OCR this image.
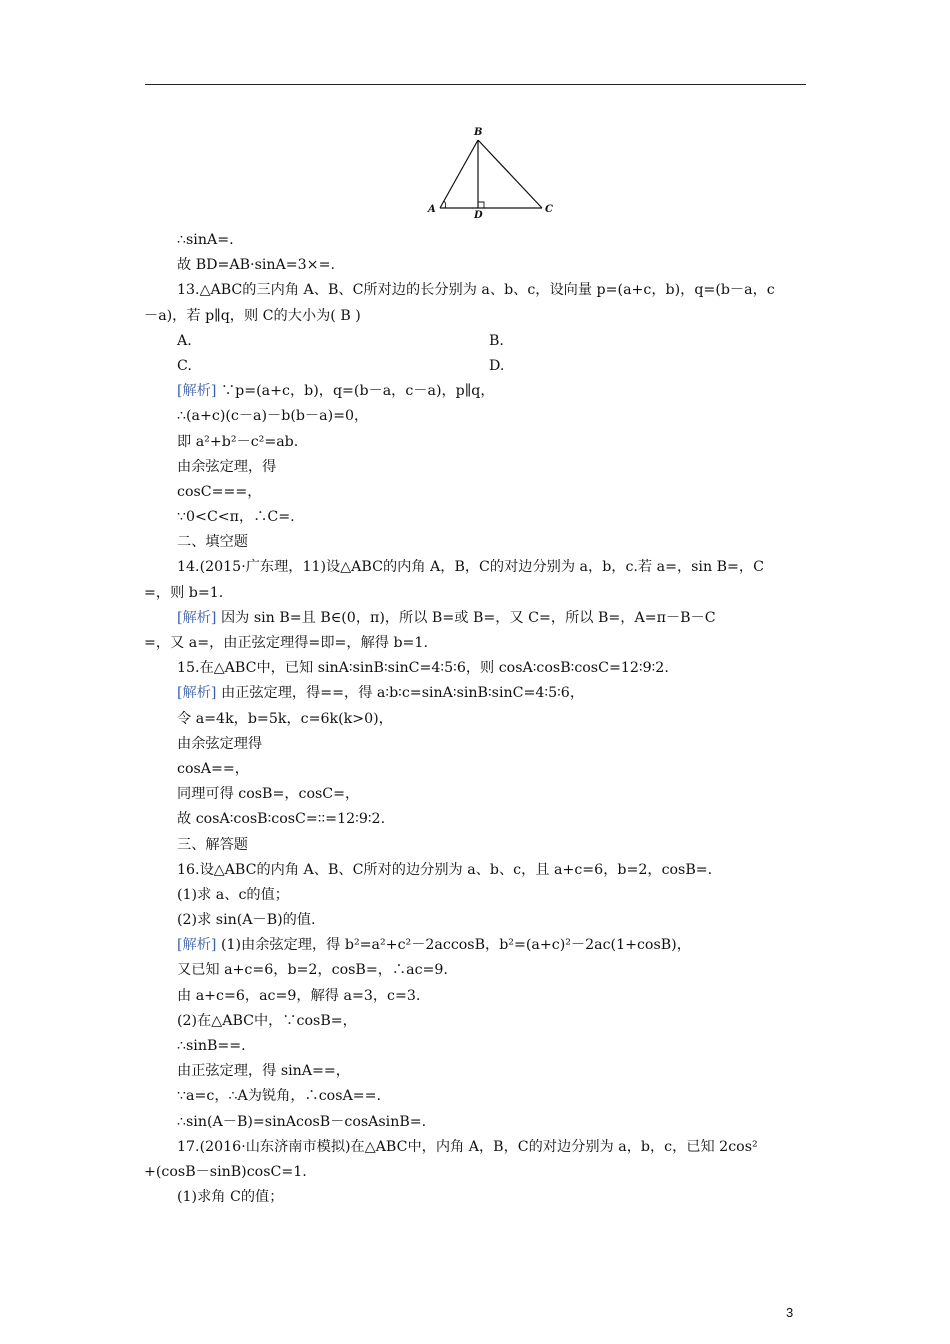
B
A
D
C
∴sinA=.
故 BD=AB·sinA=3×=.
13.△ABC的三内角 A、B、C所对边的长分别为 a、b、c，设向量 p=(a+c，b)，q=(b－a，c
－a)，若 p∥q，则 C的大小为( B )
A.	B.
C.	D.
[解析] ∵p=(a+c，b)，q=(b－a，c－a)，p∥q，
∴(a+c)(c－a)－b(b－a)=0，
即 a²+b²－c²=ab.
由余弦定理，得
cosC===，
∵0<C<π，∴C=.
二、填空题
14.(2015·广东理，11)设△ABC的内角 A，B，C的对边分别为 a，b，c.若 a=，sin B=，C
=，则 b=1.
[解析] 因为 sin B=且 B∈(0，π)，所以 B=或 B=，又 C=，所以 B=，A=π－B－C
=，又 a=，由正弦定理得=即=，解得 b=1.
15.在△ABC中，已知 sinA∶sinB∶sinC=4∶5∶6，则 cosA∶cosB∶cosC=12∶9∶2.
[解析] 由正弦定理，得==，得 a∶b∶c=sinA∶sinB∶sinC=4∶5∶6，
令 a=4k，b=5k，c=6k(k>0)，
由余弦定理得
cosA==，
同理可得 cosB=，cosC=，
故 cosA∶cosB∶cosC=∶∶=12∶9∶2.
三、解答题
16.设△ABC的内角 A、B、C所对的边分别为 a、b、c，且 a+c=6，b=2，cosB=.
(1)求 a、c的值；
(2)求 sin(A－B)的值.
[解析] (1)由余弦定理，得 b²=a²+c²－2accosB，b²=(a+c)²－2ac(1+cosB)，
又已知 a+c=6，b=2，cosB=，∴ac=9.
由 a+c=6，ac=9，解得 a=3，c=3.
(2)在△ABC中，∵cosB=，
∴sinB==.
由正弦定理，得 sinA==，
∵a=c，∴A为锐角，∴cosA==.
∴sin(A－B)=sinAcosB－cosAsinB=.
17.(2016·山东济南市模拟)在△ABC中，内角 A，B，C的对边分别为 a，b，c，已知 2cos²
+(cosB－sinB)cosC=1.
(1)求角 C的值；
3
